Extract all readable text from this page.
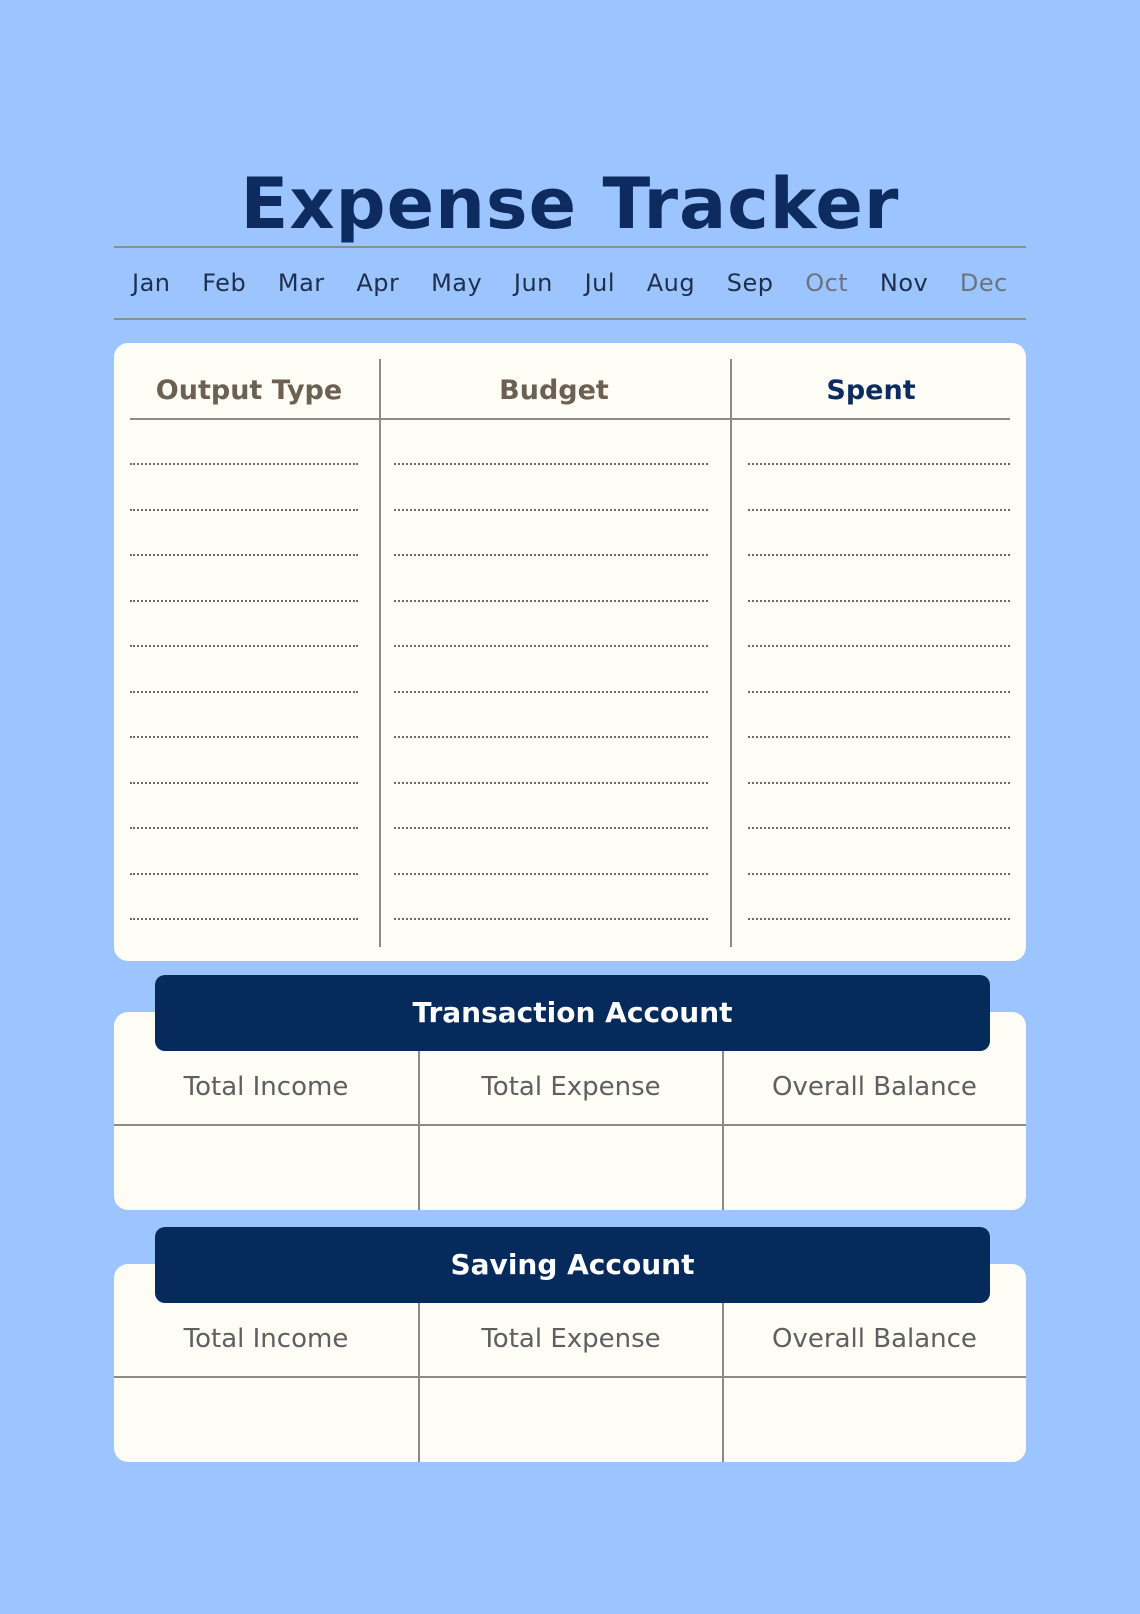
Expense Tracker
Jan Feb Mar Apr May Jun Jul Aug Sep Oct Nov Dec
Output Type	Budget	Spent
Total Income	Total Expense	Overall Balance
Transaction Account
Total Income	Total Expense	Overall Balance
Saving Account
